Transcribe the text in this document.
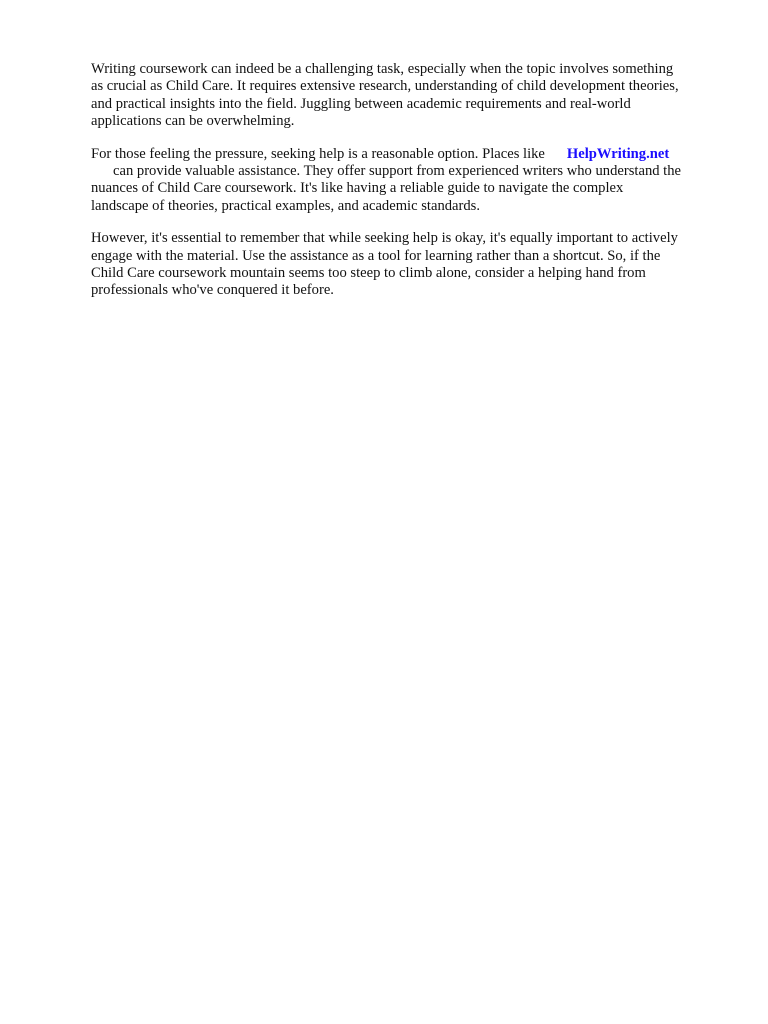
Writing coursework can indeed be a challenging task, especially when the topic involves something
as crucial as Child Care. It requires extensive research, understanding of child development theories,
and practical insights into the field. Juggling between academic requirements and real-world
applications can be overwhelming.

For those feeling the pressure, seeking help is a reasonable option. Places like HelpWriting.net
can provide valuable assistance. They offer support from experienced writers who understand the
nuances of Child Care coursework. It's like having a reliable guide to navigate the complex
landscape of theories, practical examples, and academic standards.

However, it's essential to remember that while seeking help is okay, it's equally important to actively
engage with the material. Use the assistance as a tool for learning rather than a shortcut. So, if the
Child Care coursework mountain seems too steep to climb alone, consider a helping hand from
professionals who've conquered it before.
